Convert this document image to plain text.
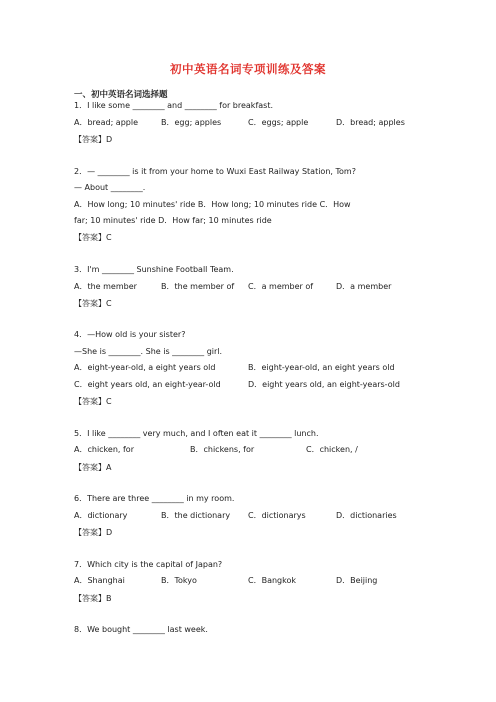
初中英语名词专项训练及答案
一、初中英语名词选择题
1．I like some ________ and ________ for breakfast.
A．bread; apple	B．egg; apples	C．eggs; apple	D．bread; apples
【答案】D
2．— ________ is it from your home to Wuxi East Railway Station, Tom?
— About ________.
A．How long; 10 minutes' ride B．How long; 10 minutes ride C．How
far; 10 minutes' ride D．How far; 10 minutes ride
【答案】C
3．I'm ________ Sunshine Football Team.
A．the member	B．the member of C．a member of	D．a member
【答案】C
4．—How old is your sister?
—She is ________. She is ________ girl.
A．eight-year-old, a eight years old	B．eight-year-old, an eight years old
C．eight years old, an eight-year-old	D．eight years old, an eight-years-old
【答案】C
5．I like ________ very much, and I often eat it ________ lunch.
A．chicken, for	B．chickens, for	C．chicken, /
【答案】A
6．There are three ________ in my room.
A．dictionary	B．the dictionary C．dictionarys	D．dictionaries
【答案】D
7．Which city is the capital of Japan?
A．Shanghai	B．Tokyo	C．Bangkok	D．Beijing
【答案】B
8．We bought ________ last week.
